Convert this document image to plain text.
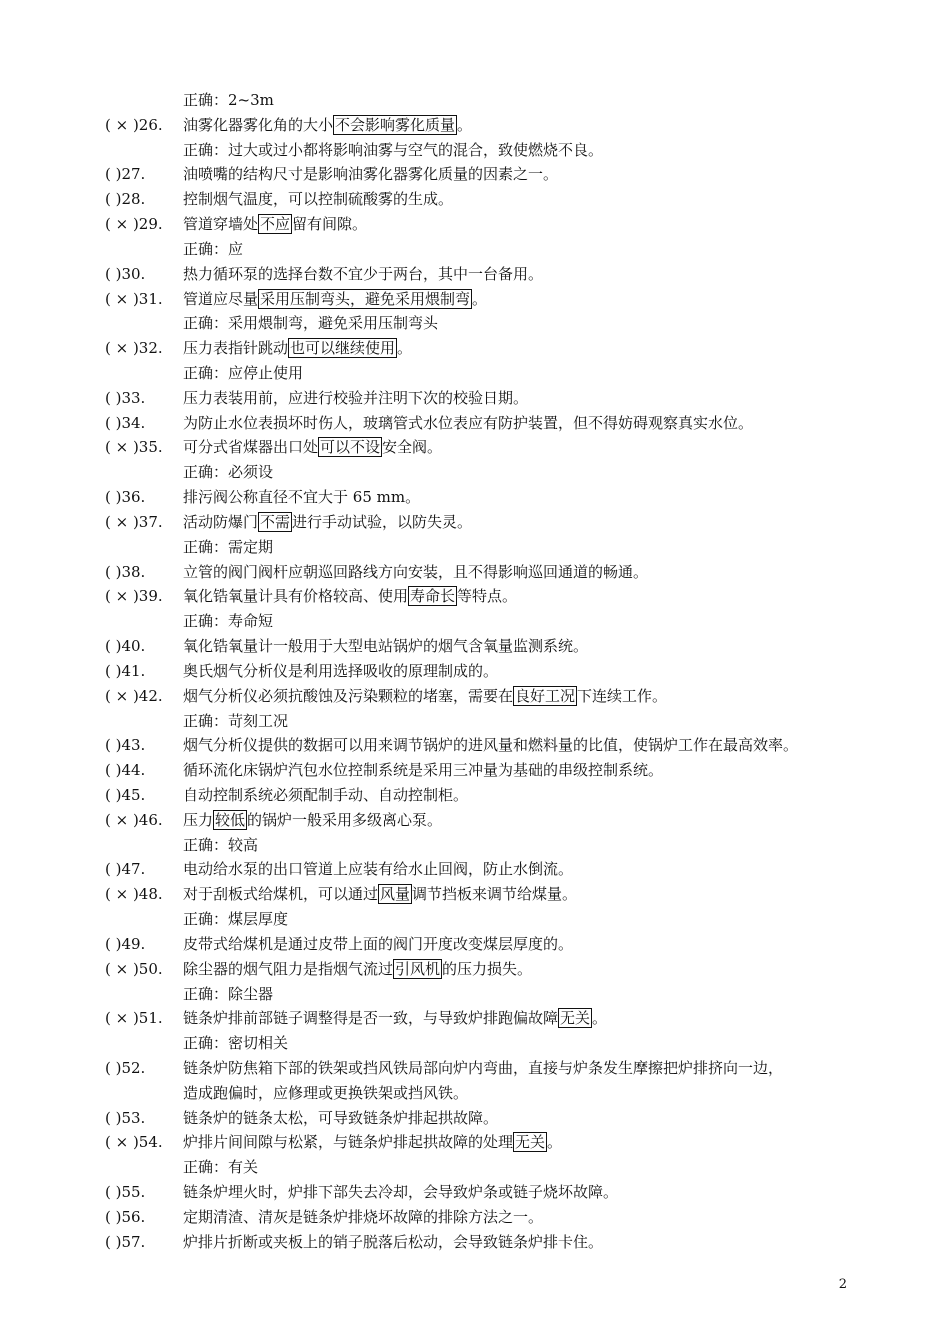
正确：2~3m
( × )26.	油雾化器雾化角的大小 不会影响雾化质量 。
正确：过大或过小都将影响油雾与空气的混合，致使燃烧不良。
( )27.	油喷嘴的结构尺寸是影响油雾化器雾化质量的因素之一。
( )28.	控制烟气温度，可以控制硫酸雾的生成。
( × )29.	管道穿墙处 不应 留有间隙。
正确：应
( )30.	热力循环泵的选择台数不宜少于两台，其中一台备用。
( × )31.	管道应尽量 采用压制弯头，避免采用煨制弯 。
正确：采用煨制弯，避免采用压制弯头
( × )32.	压力表指针跳动 也可以继续使用 。
正确：应停止使用
( )33.	压力表装用前，应进行校验并注明下次的校验日期。
( )34.	为防止水位表损坏时伤人，玻璃管式水位表应有防护装置，但不得妨碍观察真实水位。
( × )35.	可分式省煤器出口处 可以不设 安全阀。
正确：必须设
( )36.	排污阀公称直径不宜大于 65 mm。
( × )37.	活动防爆门 不需 进行手动试验，以防失灵。
正确：需定期
( )38.	立管的阀门阀杆应朝巡回路线方向安装，且不得影响巡回通道的畅通。
( × )39.	氧化锆氧量计具有价格较高、使用 寿命长 等特点。
正确：寿命短
( )40.	氧化锆氧量计一般用于大型电站锅炉的烟气含氧量监测系统。
( )41.	奥氏烟气分析仪是利用选择吸收的原理制成的。
( × )42.	烟气分析仪必须抗酸蚀及污染颗粒的堵塞，需要在 良好工况 下连续工作。
正确：苛刻工况
( )43.	烟气分析仪提供的数据可以用来调节锅炉的进风量和燃料量的比值，使锅炉工作在最高效率。
( )44.	循环流化床锅炉汽包水位控制系统是采用三冲量为基础的串级控制系统。
( )45.	自动控制系统必须配制手动、自动控制柜。
( × )46.	压力 较低 的锅炉一般采用多级离心泵。
正确：较高
( )47.	电动给水泵的出口管道上应装有给水止回阀，防止水倒流。
( × )48.	对于刮板式给煤机，可以通过 风量 调节挡板来调节给煤量。
正确：煤层厚度
( )49.	皮带式给煤机是通过皮带上面的阀门开度改变煤层厚度的。
( × )50.	除尘器的烟气阻力是指烟气流过 引风机 的压力损失。
正确：除尘器
( × )51.	链条炉排前部链子调整得是否一致，与导致炉排跑偏故障 无关 。
正确：密切相关
( )52.	链条炉防焦箱下部的铁架或挡风铁局部向炉内弯曲，直接与炉条发生摩擦把炉排挤向一边，
造成跑偏时，应修理或更换铁架或挡风铁。
( )53.	链条炉的链条太松，可导致链条炉排起拱故障。
( × )54.	炉排片间间隙与松紧，与链条炉排起拱故障的处理 无关 。
正确：有关
( )55.	链条炉埋火时，炉排下部失去冷却，会导致炉条或链子烧坏故障。
( )56.	定期清渣、清灰是链条炉排烧坏故障的排除方法之一。
( )57.	炉排片折断或夹板上的销子脱落后松动，会导致链条炉排卡住。
2
